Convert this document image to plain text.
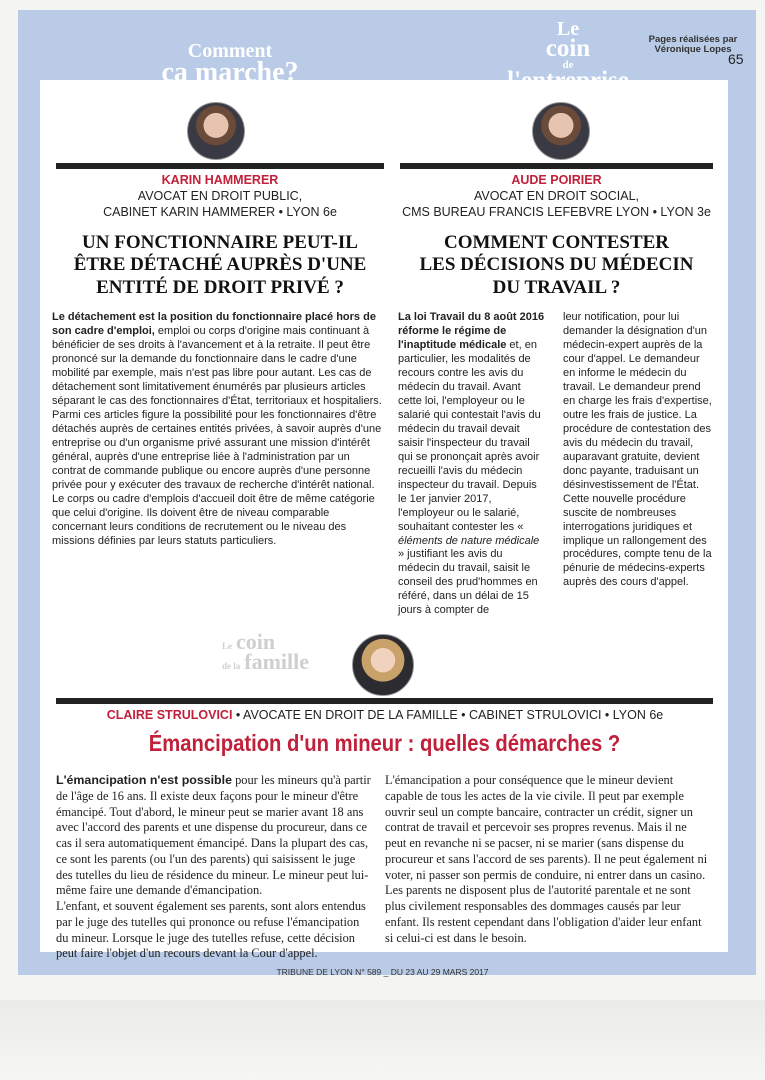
Comment
ça marche?
Le
coin
de
l'entreprise
Pages réalisées par
Véronique Lopes
65
KARIN HAMMERER
AVOCAT EN DROIT PUBLIC,
CABINET KARIN HAMMERER • LYON 6e
UN FONCTIONNAIRE PEUT-IL
ÊTRE DÉTACHÉ AUPRÈS D'UNE
ENTITÉ DE DROIT PRIVÉ ?

Le détachement est la position du fonctionnaire placé hors de son cadre d'emploi, emploi ou corps d'origine mais continuant à bénéficier de ses droits à l'avancement et à la retraite. Il peut être prononcé sur la demande du fonctionnaire dans le cadre d'une mobilité par exemple, mais n'est pas libre pour autant. Les cas de détachement sont limitativement énumérés par plusieurs articles séparant le cas des fonctionnaires d'État, territoriaux et hospitaliers.

Parmi ces articles figure la possibilité pour les fonctionnaires d'être détachés auprès de certaines entités privées, à savoir auprès d'une entreprise ou d'un organisme privé assurant une mission d'intérêt général, auprès d'une entreprise liée à l'administration par un contrat de commande publique ou encore auprès d'une personne privée pour y exécuter des travaux de recherche d'intérêt national.

Le corps ou cadre d'emplois d'accueil doit être de même catégorie que celui d'origine. Ils doivent être de niveau comparable concernant leurs conditions de recrutement ou le niveau des missions définies par leurs statuts particuliers.

AUDE POIRIER
AVOCAT EN DROIT SOCIAL,
CMS BUREAU FRANCIS LEFEBVRE LYON • LYON 3e
COMMENT CONTESTER
LES DÉCISIONS DU MÉDECIN
DU TRAVAIL ?

La loi Travail du 8 août 2016 réforme le régime de l'inaptitude médicale et, en particulier, les modalités de recours contre les avis du médecin du travail. Avant cette loi, l'employeur ou le salarié qui contestait l'avis du médecin du travail devait saisir l'inspecteur du travail qui se prononçait après avoir recueilli l'avis du médecin inspecteur du travail. Depuis le 1er janvier 2017, l'employeur ou le salarié, souhaitant contester les « éléments de nature médicale » justifiant les avis du médecin du travail, saisit le conseil des prud'hommes en référé, dans un délai de 15 jours à compter de

leur notification, pour lui demander la désignation d'un médecin-expert auprès de la cour d'appel. Le demandeur en informe le médecin du travail. Le demandeur prend en charge les frais d'expertise, outre les frais de justice. La procédure de contestation des avis du médecin du travail, auparavant gratuite, devient donc payante, traduisant un désinvestissement de l'État. Cette nouvelle procédure suscite de nombreuses interrogations juridiques et implique un rallongement des procédures, compte tenu de la pénurie de médecins-experts auprès des cours d'appel.

Le coin
de la famille
CLAIRE STRULOVICI • AVOCATE EN DROIT DE LA FAMILLE • CABINET STRULOVICI • LYON 6e
Émancipation d'un mineur : quelles démarches ?

L'émancipation n'est possible pour les mineurs qu'à partir de l'âge de 16 ans. Il existe deux façons pour le mineur d'être émancipé. Tout d'abord, le mineur peut se marier avant 18 ans avec l'accord des parents et une dispense du procureur, dans ce cas il sera automatiquement émancipé. Dans la plupart des cas, ce sont les parents (ou l'un des parents) qui saisissent le juge des tutelles du lieu de résidence du mineur. Le mineur peut lui-même faire une demande d'émancipation.

L'enfant, et souvent également ses parents, sont alors entendus par le juge des tutelles qui prononce ou refuse l'émancipation du mineur. Lorsque le juge des tutelles refuse, cette décision peut faire l'objet d'un recours devant la Cour d'appel.

L'émancipation a pour conséquence que le mineur devient capable de tous les actes de la vie civile. Il peut par exemple ouvrir seul un compte bancaire, contracter un crédit, signer un contrat de travail et percevoir ses propres revenus. Mais il ne peut en revanche ni se pacser, ni se marier (sans dispense du procureur et sans l'accord de ses parents). Il ne peut également ni voter, ni passer son permis de conduire, ni entrer dans un casino.

Les parents ne disposent plus de l'autorité parentale et ne sont plus civilement responsables des dommages causés par leur enfant. Ils restent cependant dans l'obligation d'aider leur enfant si celui-ci est dans le besoin.

TRIBUNE DE LYON N° 589 _ DU 23 AU 29 MARS 2017
